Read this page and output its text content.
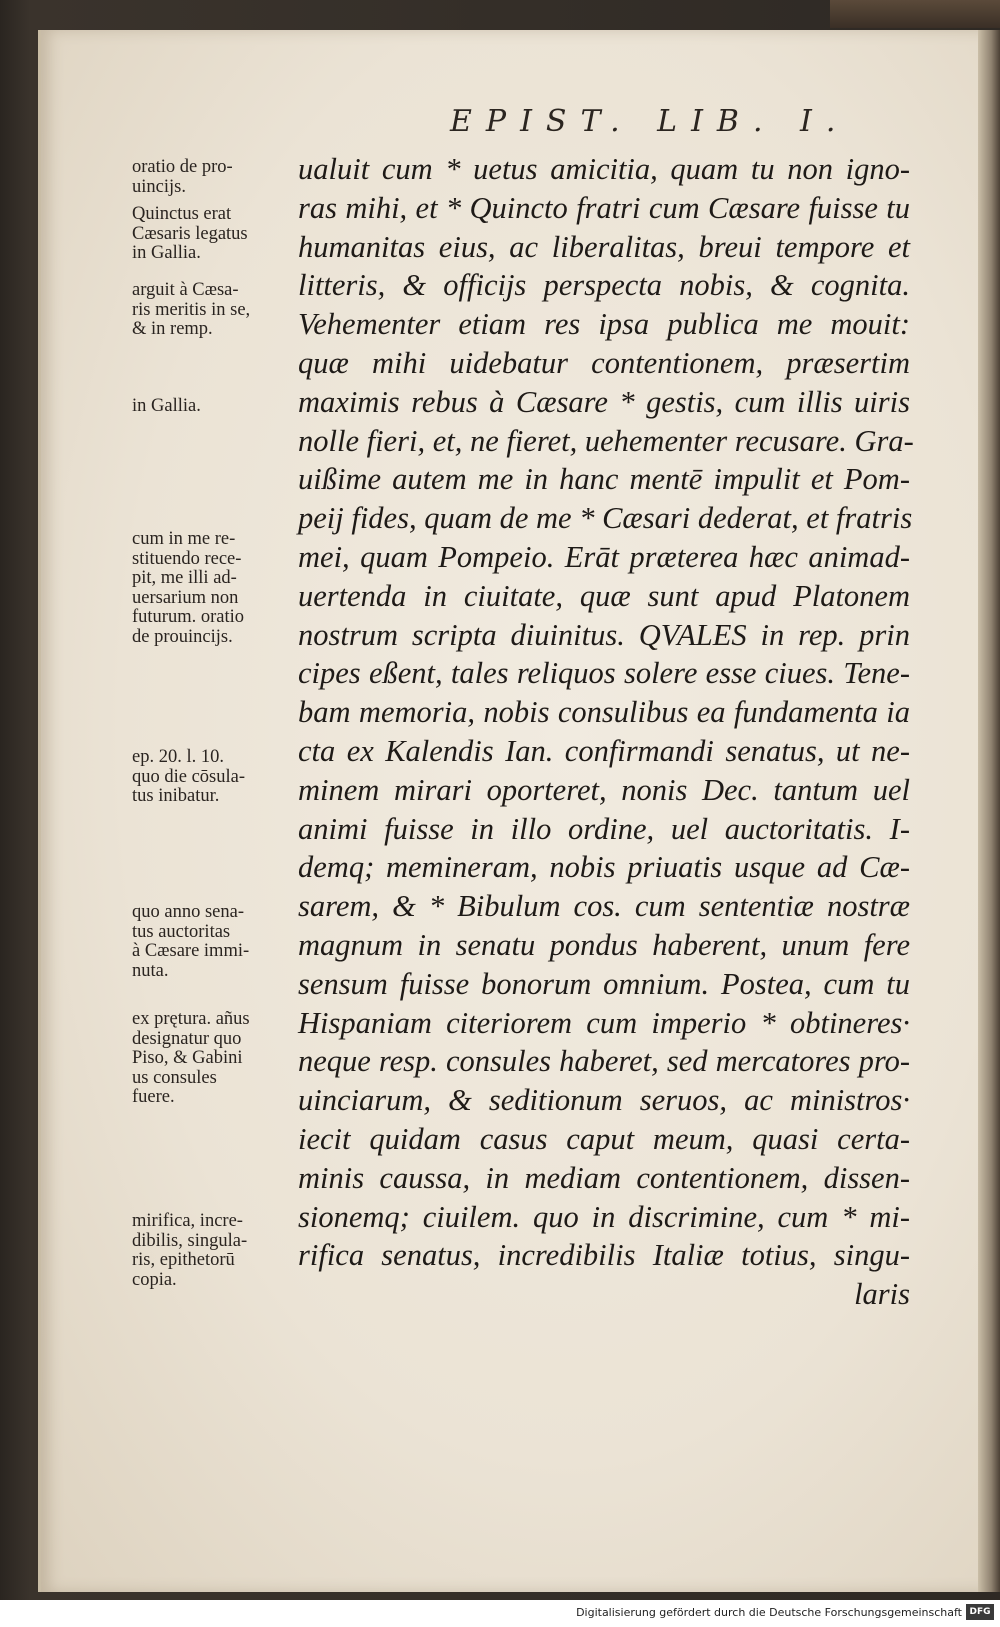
EPIST. LIB. I.
ualuit cum * uetus amicitia, quam tu non igno-
ras mihi, et * Quincto fratri cum Cæsare fuisse tu
humanitas eius, ac liberalitas, breui tempore et
litteris, & officijs perspecta nobis, & cognita.
Vehementer etiam res ipsa publica me mouit:
quæ mihi uidebatur contentionem, præsertim
maximis rebus à Cæsare * gestis, cum illis uiris
nolle fieri, et, ne fieret, uehementer recusare. Gra-
uißime autem me in hanc mentē impulit et Pom-
peij fides, quam de me * Cæsari dederat, et fratris
mei, quam Pompeio. Erāt præterea hæc animad-
uertenda in ciuitate, quæ sunt apud Platonem
nostrum scripta diuinitus. QVALES in rep. prin
cipes eßent, tales reliquos solere esse ciues. Tene-
bam memoria, nobis consulibus ea fundamenta ia
cta ex Kalendis Ian. confirmandi senatus, ut ne-
minem mirari oporteret, nonis Dec. tantum uel
animi fuisse in illo ordine, uel auctoritatis. I-
demq; memineram, nobis priuatis usque ad Cæ-
sarem, & * Bibulum cos. cum sententiæ nostræ
magnum in senatu pondus haberent, unum fere
sensum fuisse bonorum omnium. Postea, cum tu
Hispaniam citeriorem cum imperio * obtineres·
neque resp. consules haberet, sed mercatores pro-
uinciarum, & seditionum seruos, ac ministros·
iecit quidam casus caput meum, quasi certa-
minis caussa, in mediam contentionem, dissen-
sionemq; ciuilem. quo in discrimine, cum * mi-
rifica senatus, incredibilis Italiæ totius, singu-
laris
oratio de pro-
uincijs.
Quinctus erat
Cæsaris legatus
in Gallia.
arguit à Cæsa-
ris meritis in se,
& in remp.
in Gallia.
cum in me re-
stituendo rece-
pit, me illi ad-
uersarium non
futurum. oratio
de prouincijs.
ep. 20. l. 10.
quo die cōsula-
tus inibatur.
quo anno sena-
tus auctoritas
à Cæsare immi-
nuta.
ex prętura. añus
designatur quo
Piso, & Gabini
us consules
fuere.
mirifica, incre-
dibilis, singula-
ris, epithetorū
copia.
Digitalisierung gefördert durch die Deutsche Forschungsgemeinschaft DFG
